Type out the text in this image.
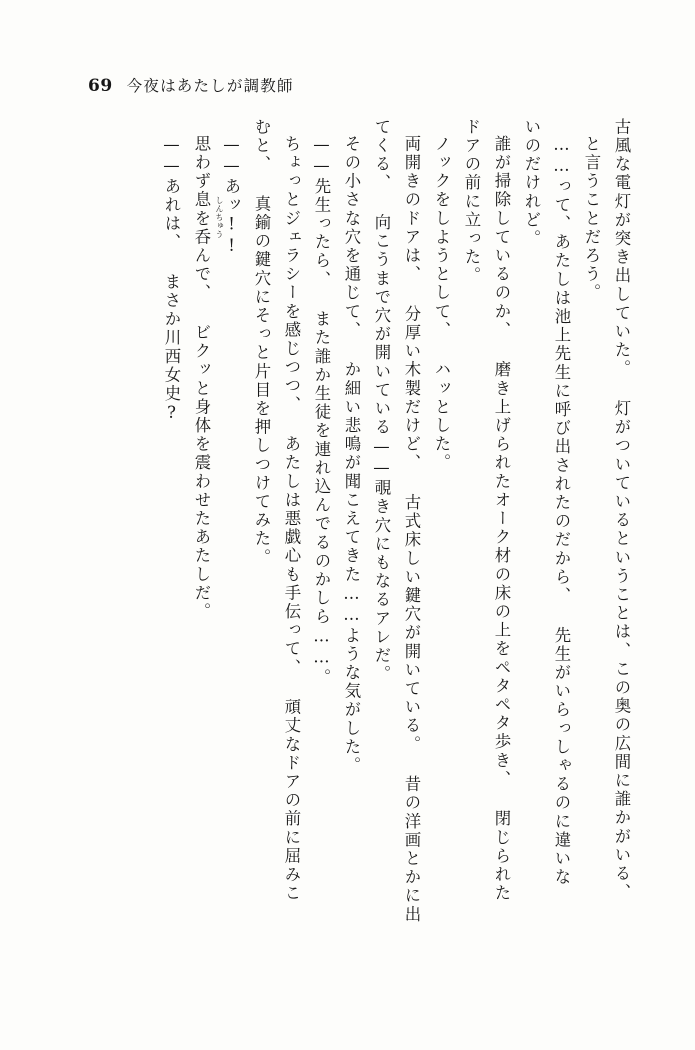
69 今夜はあたしが調教師
——あれは、 まさか川西女史? 思わず息を呑んで、 ビクッと身体を震わせたあたしだ。 ——あッ!! むと、 真鍮の鍵穴にそっと片目を押しつけてみた。 ちょっとジェラシーを感じつつ、 あたしは悪戯心も手伝って、 頑丈なドアの前に屈みこ ——先生ったら、 また誰か生徒を連れ込んでるのかしら……。 その小さな穴を通じて、 か細い悲鳴が聞こえてきた……ような気がした。 てくる、 向こうまで穴が開いている——覗き穴にもなるアレだ。 両開きのドアは、 分厚い木製だけど、 古式床しい鍵穴が開いている。 昔の洋画とかに出 ノックをしようとして、 ハッとした。 ドアの前に立った。 誰が掃除しているのか、 磨き上げられたオーク材の床の上をペタペタ歩き、 閉じられた いのだけれど。 ……って、あたしは池上先生に呼び出されたのだから、 先生がいらっしゃるのに違いな と言うことだろう。 古風な電灯が突き出していた。 灯がついているということは、この奥の広間に誰かがいる、
しんちゅう
